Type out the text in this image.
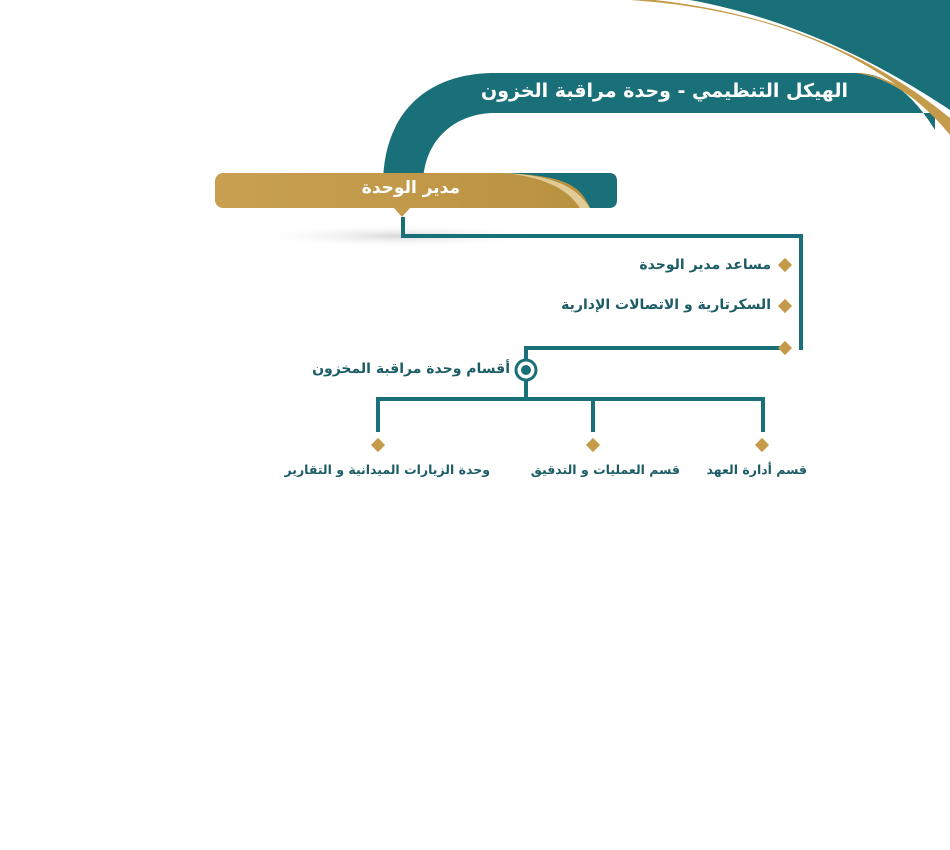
الهيكل التنظيمي - وحدة مراقبة الخزون
مدير الوحدة
مساعد مدير الوحدة
السكرتارية و الاتصالات الإدارية
أقسام وحدة مراقبة المخزون
قسم أدارة العهد
قسم العمليات و التدقيق
وحدة الزيارات الميدانية و التقارير
